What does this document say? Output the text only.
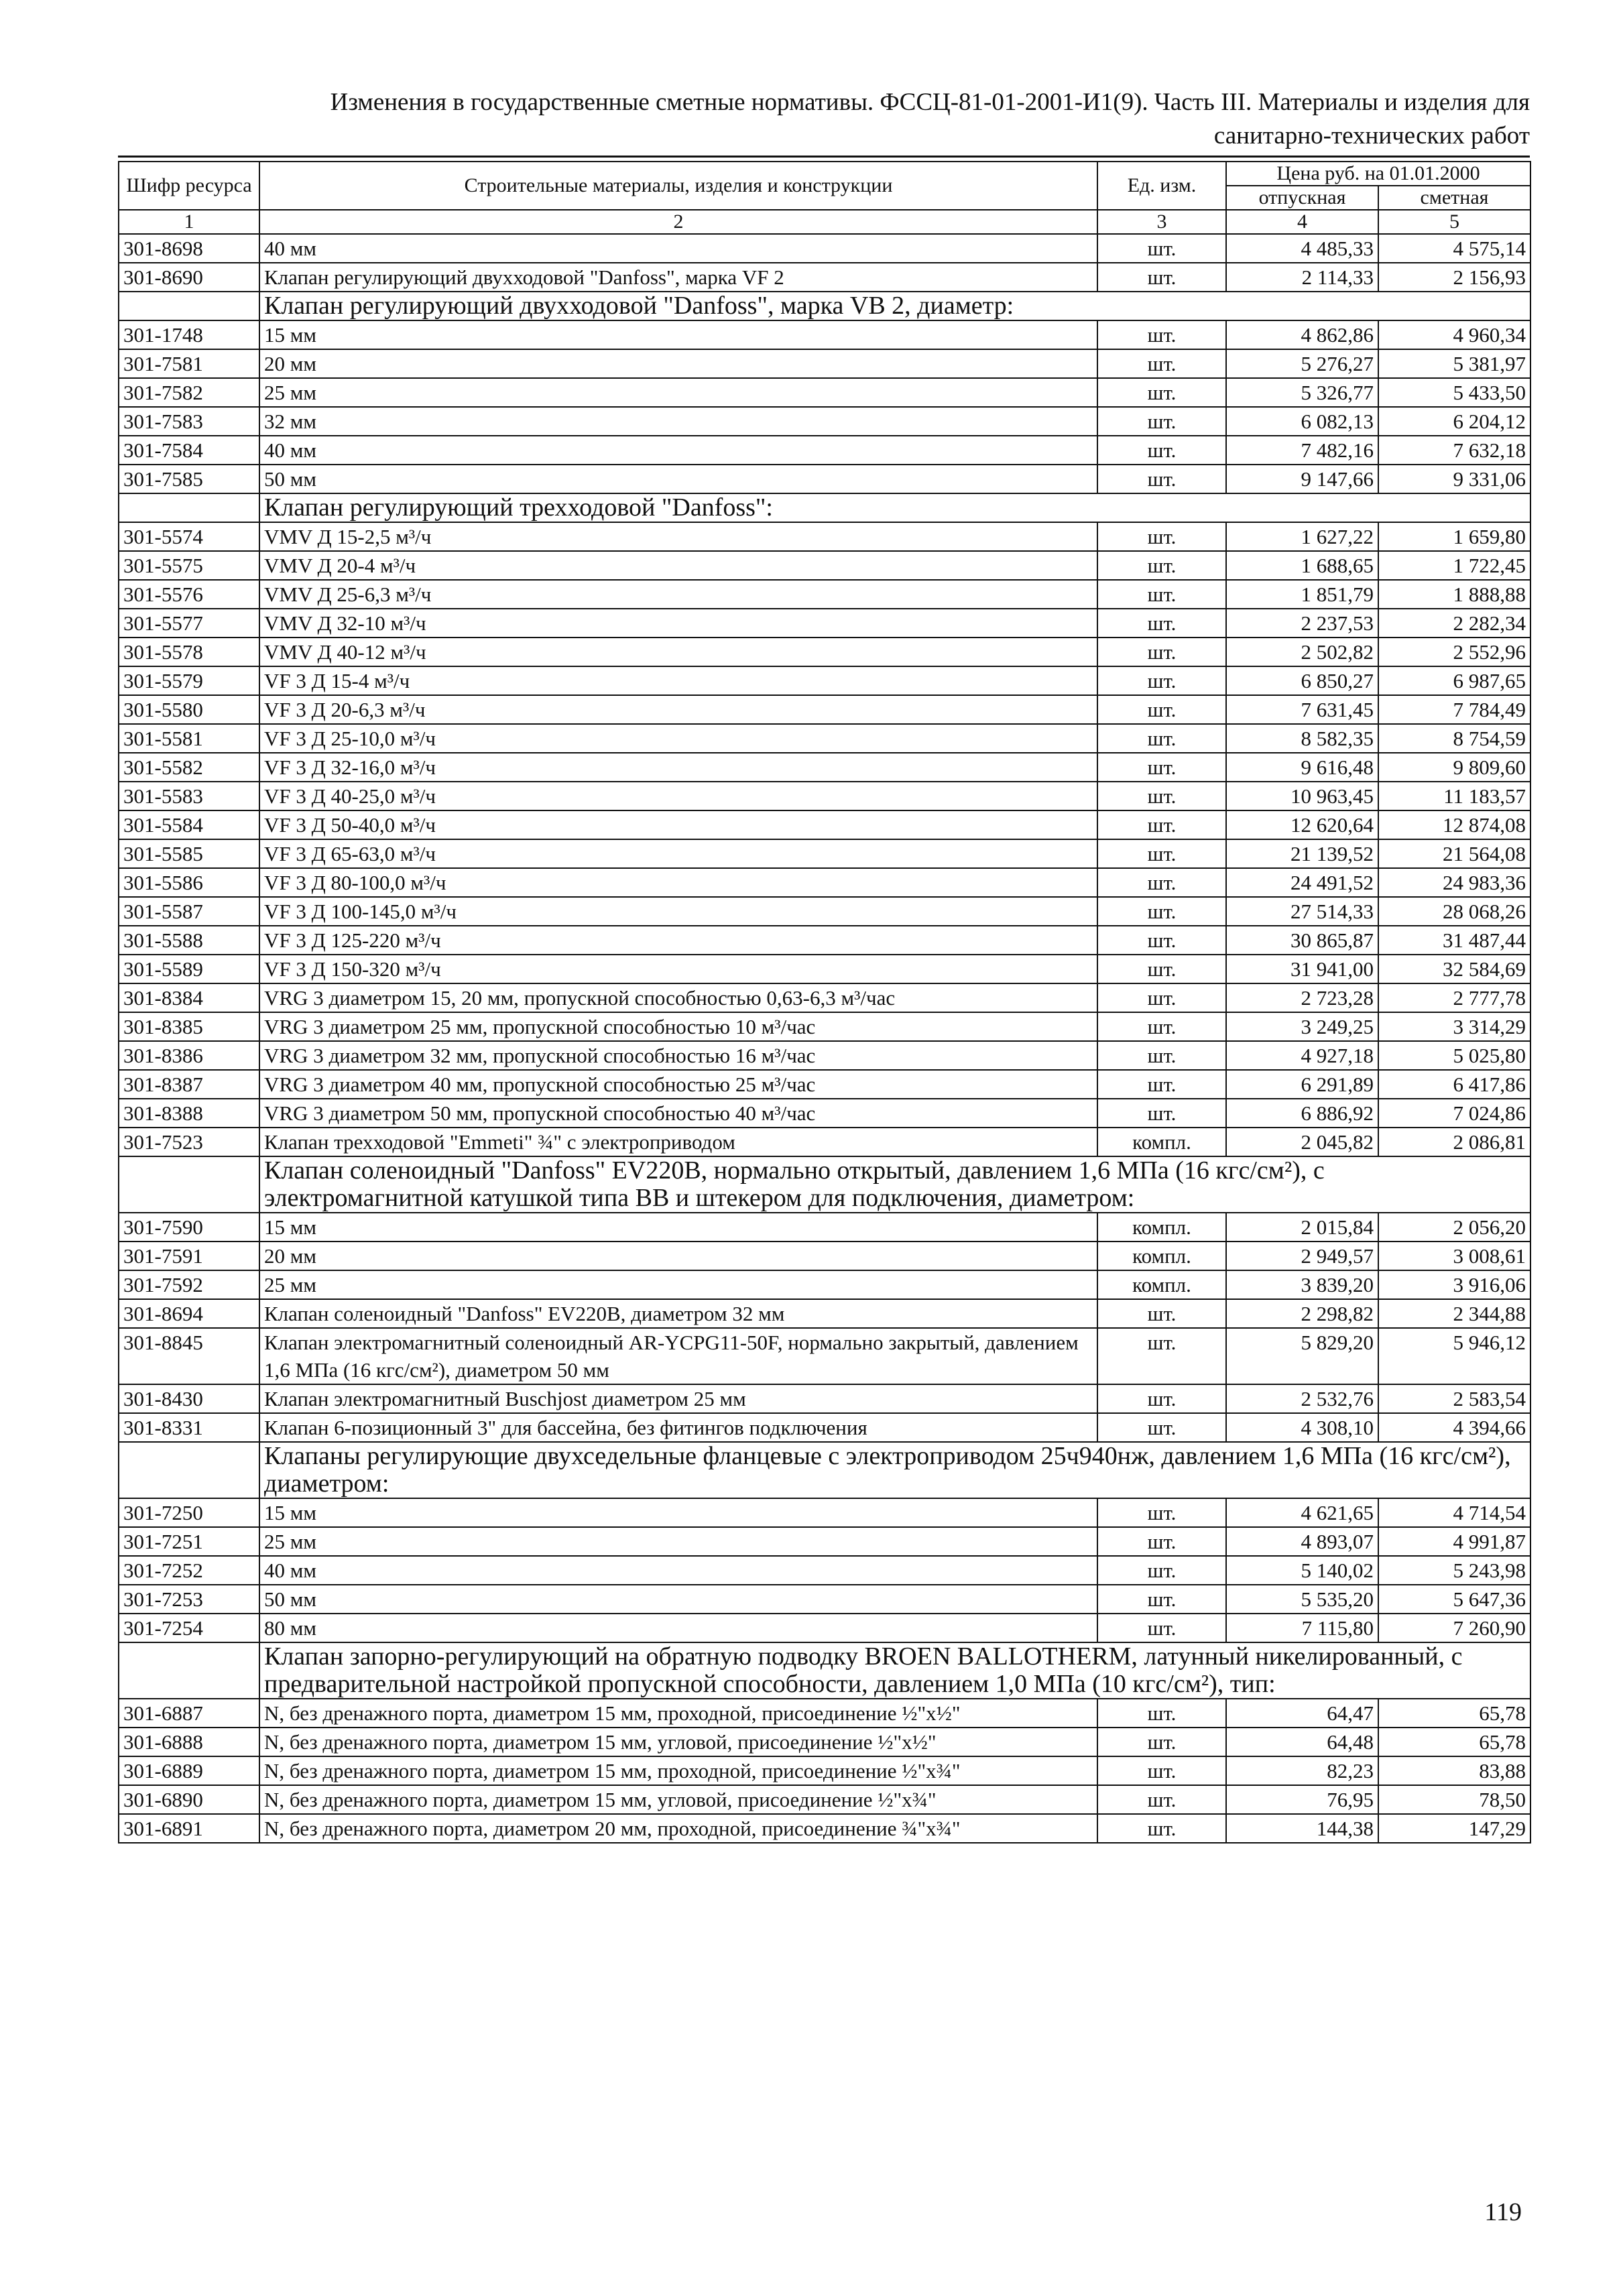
Изменения в государственные сметные нормативы. ФССЦ-81-01-2001-И1(9). Часть III. Материалы и изделия для
санитарно-технических работ
Шифр ресурса	Строительные материалы, изделия и конструкции	Ед. изм.	Цена руб. на 01.01.2000	
			отпускная	сметная
1	2	3	4	5
301-8698	40 мм	шт.	4 485,33	4 575,14
301-8690	Клапан регулирующий двухходовой "Danfoss", марка VF 2	шт.	2 114,33	2 156,93
	Клапан регулирующий двухходовой "Danfoss", марка VB 2, диаметр:			
301-1748	15 мм	шт.	4 862,86	4 960,34
301-7581	20 мм	шт.	5 276,27	5 381,97
301-7582	25 мм	шт.	5 326,77	5 433,50
301-7583	32 мм	шт.	6 082,13	6 204,12
301-7584	40 мм	шт.	7 482,16	7 632,18
301-7585	50 мм	шт.	9 147,66	9 331,06
	Клапан регулирующий трехходовой "Danfoss":			
301-5574	VMV Д 15-2,5 м³/ч	шт.	1 627,22	1 659,80
301-5575	VMV Д 20-4 м³/ч	шт.	1 688,65	1 722,45
301-5576	VMV Д 25-6,3 м³/ч	шт.	1 851,79	1 888,88
301-5577	VMV Д 32-10 м³/ч	шт.	2 237,53	2 282,34
301-5578	VMV Д 40-12 м³/ч	шт.	2 502,82	2 552,96
301-5579	VF 3 Д 15-4 м³/ч	шт.	6 850,27	6 987,65
301-5580	VF 3 Д 20-6,3 м³/ч	шт.	7 631,45	7 784,49
301-5581	VF 3 Д 25-10,0 м³/ч	шт.	8 582,35	8 754,59
301-5582	VF 3 Д 32-16,0 м³/ч	шт.	9 616,48	9 809,60
301-5583	VF 3 Д 40-25,0 м³/ч	шт.	10 963,45	11 183,57
301-5584	VF 3 Д 50-40,0 м³/ч	шт.	12 620,64	12 874,08
301-5585	VF 3 Д 65-63,0 м³/ч	шт.	21 139,52	21 564,08
301-5586	VF 3 Д 80-100,0 м³/ч	шт.	24 491,52	24 983,36
301-5587	VF 3 Д 100-145,0 м³/ч	шт.	27 514,33	28 068,26
301-5588	VF 3 Д 125-220 м³/ч	шт.	30 865,87	31 487,44
301-5589	VF 3 Д 150-320 м³/ч	шт.	31 941,00	32 584,69
301-8384	VRG 3 диаметром 15, 20 мм, пропускной способностью 0,63-6,3 м³/час	шт.	2 723,28	2 777,78
301-8385	VRG 3 диаметром 25 мм, пропускной способностью 10 м³/час	шт.	3 249,25	3 314,29
301-8386	VRG 3 диаметром 32 мм, пропускной способностью 16 м³/час	шт.	4 927,18	5 025,80
301-8387	VRG 3 диаметром 40 мм, пропускной способностью 25 м³/час	шт.	6 291,89	6 417,86
301-8388	VRG 3 диаметром 50 мм, пропускной способностью 40 м³/час	шт.	6 886,92	7 024,86
301-7523	Клапан трехходовой "Emmeti" ¾" с электроприводом	компл.	2 045,82	2 086,81
	Клапан соленоидный "Danfoss" EV220B, нормально открытый, давлением 1,6 МПа (16 кгс/см²), с электромагнитной катушкой типа ВВ и штекером для подключения, диаметром:			
301-7590	15 мм	компл.	2 015,84	2 056,20
301-7591	20 мм	компл.	2 949,57	3 008,61
301-7592	25 мм	компл.	3 839,20	3 916,06
301-8694	Клапан соленоидный "Danfoss" EV220B, диаметром 32 мм	шт.	2 298,82	2 344,88
301-8845	Клапан электромагнитный соленоидный AR-YCPG11-50F, нормально закрытый, давлением 1,6 МПа (16 кгс/см²), диаметром 50 мм	шт.	5 829,20	5 946,12
301-8430	Клапан электромагнитный Buschjost диаметром 25 мм	шт.	2 532,76	2 583,54
301-8331	Клапан 6-позиционный 3" для бассейна, без фитингов подключения	шт.	4 308,10	4 394,66
	Клапаны регулирующие двухседельные фланцевые с электроприводом 25ч940нж, давлением 1,6 МПа (16 кгс/см²), диаметром:			
301-7250	15 мм	шт.	4 621,65	4 714,54
301-7251	25 мм	шт.	4 893,07	4 991,87
301-7252	40 мм	шт.	5 140,02	5 243,98
301-7253	50 мм	шт.	5 535,20	5 647,36
301-7254	80 мм	шт.	7 115,80	7 260,90
	Клапан запорно-регулирующий на обратную подводку BROEN BALLOTHERM, латунный никелированный, с предварительной настройкой пропускной способности, давлением 1,0 МПа (10 кгс/см²), тип:			
301-6887	N, без дренажного порта, диаметром 15 мм, проходной, присоединение ½"x½"	шт.	64,47	65,78
301-6888	N, без дренажного порта, диаметром 15 мм, угловой, присоединение ½"x½"	шт.	64,48	65,78
301-6889	N, без дренажного порта, диаметром 15 мм, проходной, присоединение ½"x¾"	шт.	82,23	83,88
301-6890	N, без дренажного порта, диаметром 15 мм, угловой, присоединение ½"x¾"	шт.	76,95	78,50
301-6891	N, без дренажного порта, диаметром 20 мм, проходной, присоединение ¾"x¾"	шт.	144,38	147,29
119
